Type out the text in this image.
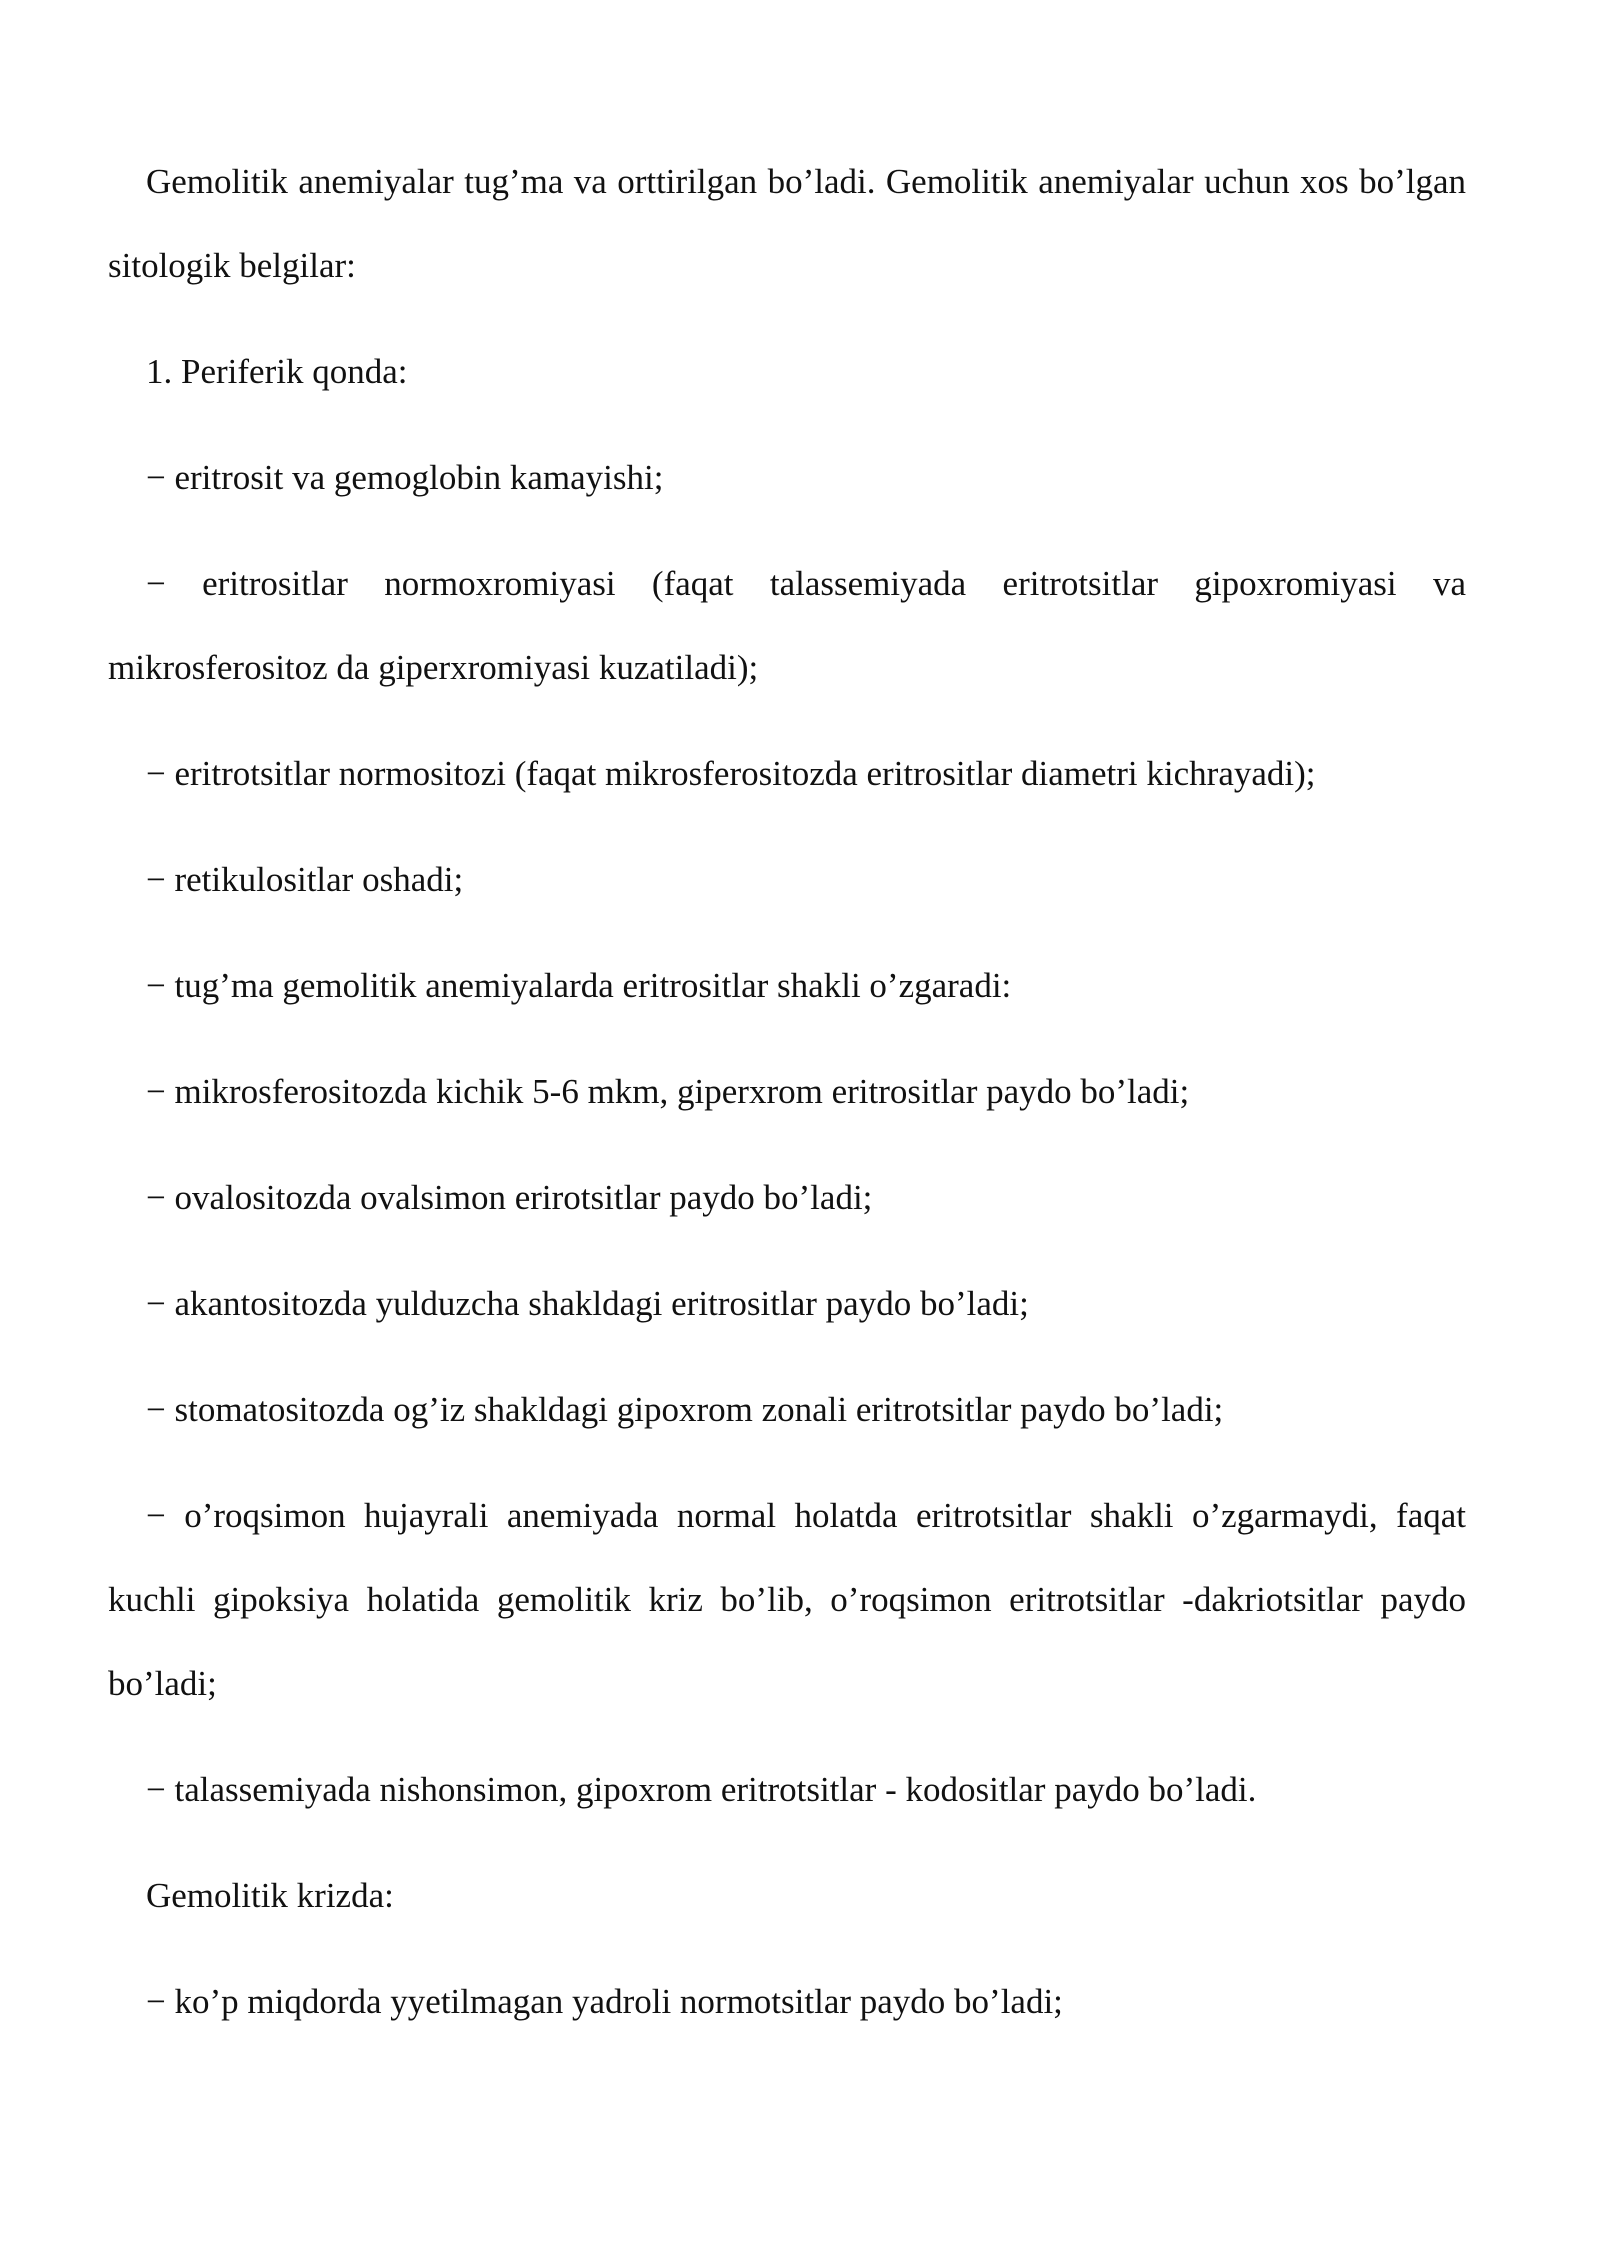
Gemolitik anemiyalar tug’ma va orttirilgan bo’ladi. Gemolitik anemiyalar uchun xos bo’lgan sitologik belgilar:

1. Periferik qonda:

− eritrosit va gemoglobin kamayishi;

− eritrositlar normoxromiyasi (faqat talassemiyada eritrotsitlar gipoxromiyasi va mikrosferositoz da giperxromiyasi kuzatiladi);

− eritrotsitlar normositozi (faqat mikrosferositozda eritrositlar diametri kichrayadi);

− retikulositlar oshadi;

− tug’ma gemolitik anemiyalarda eritrositlar shakli o’zgaradi:

− mikrosferositozda kichik 5-6 mkm, giperxrom eritrositlar paydo bo’ladi;

− ovalositozda ovalsimon erirotsitlar paydo bo’ladi;

− akantositozda yulduzcha shakldagi eritrositlar paydo bo’ladi;

− stomatositozda og’iz shakldagi gipoxrom zonali eritrotsitlar paydo bo’ladi;

− o’roqsimon hujayrali anemiyada normal holatda eritrotsitlar shakli o’zgarmaydi, faqat kuchli gipoksiya holatida gemolitik kriz bo’lib, o’roqsimon eritrotsitlar -dakriotsitlar paydo bo’ladi;

− talassemiyada nishonsimon, gipoxrom eritrotsitlar - kodositlar paydo bo’ladi.

Gemolitik krizda:

− ko’p miqdorda yyetilmagan yadroli normotsitlar paydo bo’ladi;
